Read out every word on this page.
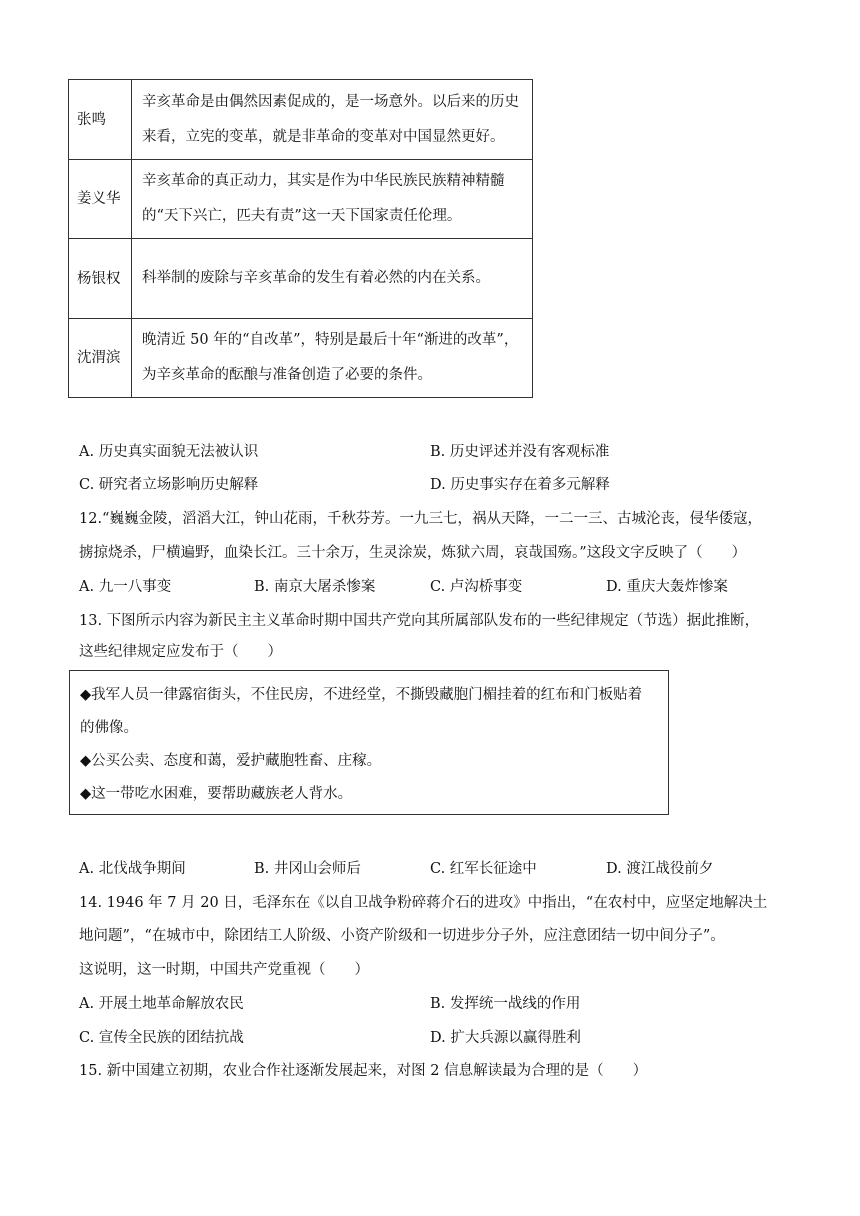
张鸣	辛亥革命是由偶然因素促成的，是一场意外。以后来的历史来看，立宪的变革，就是非革命的变革对中国显然更好。
姜义华	辛亥革命的真正动力，其实是作为中华民族民族精神精髓的“天下兴亡，匹夫有责”这一天下国家责任伦理。
杨银权	科举制的废除与辛亥革命的发生有着必然的内在关系。
沈渭滨	晚清近 50 年的“自改革”，特别是最后十年“渐进的改革”，为辛亥革命的酝酿与准备创造了必要的条件。
A. 历史真实面貌无法被认识	B. 历史评述并没有客观标准
C. 研究者立场影响历史解释	D. 历史事实存在着多元解释
12.“巍巍金陵，滔滔大江，钟山花雨，千秋芬芳。一九三七，祸从天降，一二一三、古城沦丧，侵华倭寇，
掳掠烧杀，尸横遍野，血染长江。三十余万，生灵涂炭，炼狱六周，哀哉国殇。”这段文字反映了（　　）
A. 九一八事变	B. 南京大屠杀惨案	C. 卢沟桥事变	D. 重庆大轰炸惨案
13. 下图所示内容为新民主主义革命时期中国共产党向其所属部队发布的一些纪律规定（节选）据此推断，
这些纪律规定应发布于（　　）
◆我军人员一律露宿街头，不住民房，不进经堂，不撕毁藏胞门楣挂着的红布和门板贴着
的佛像。
◆公买公卖、态度和蔼，爱护藏胞牲畜、庄稼。
◆这一带吃水困难，要帮助藏族老人背水。
A. 北伐战争期间	B. 井冈山会师后	C. 红军长征途中	D. 渡江战役前夕
14. 1946 年 7 月 20 日，毛泽东在《以自卫战争粉碎蒋介石的进攻》中指出，“在农村中，应坚定地解决土
地问题”，“在城市中，除团结工人阶级、小资产阶级和一切进步分子外，应注意团结一切中间分子”。
这说明，这一时期，中国共产党重视（　　）
A. 开展土地革命解放农民	B. 发挥统一战线的作用
C. 宣传全民族的团结抗战	D. 扩大兵源以赢得胜利
15. 新中国建立初期，农业合作社逐渐发展起来，对图 2 信息解读最为合理的是（　　）
